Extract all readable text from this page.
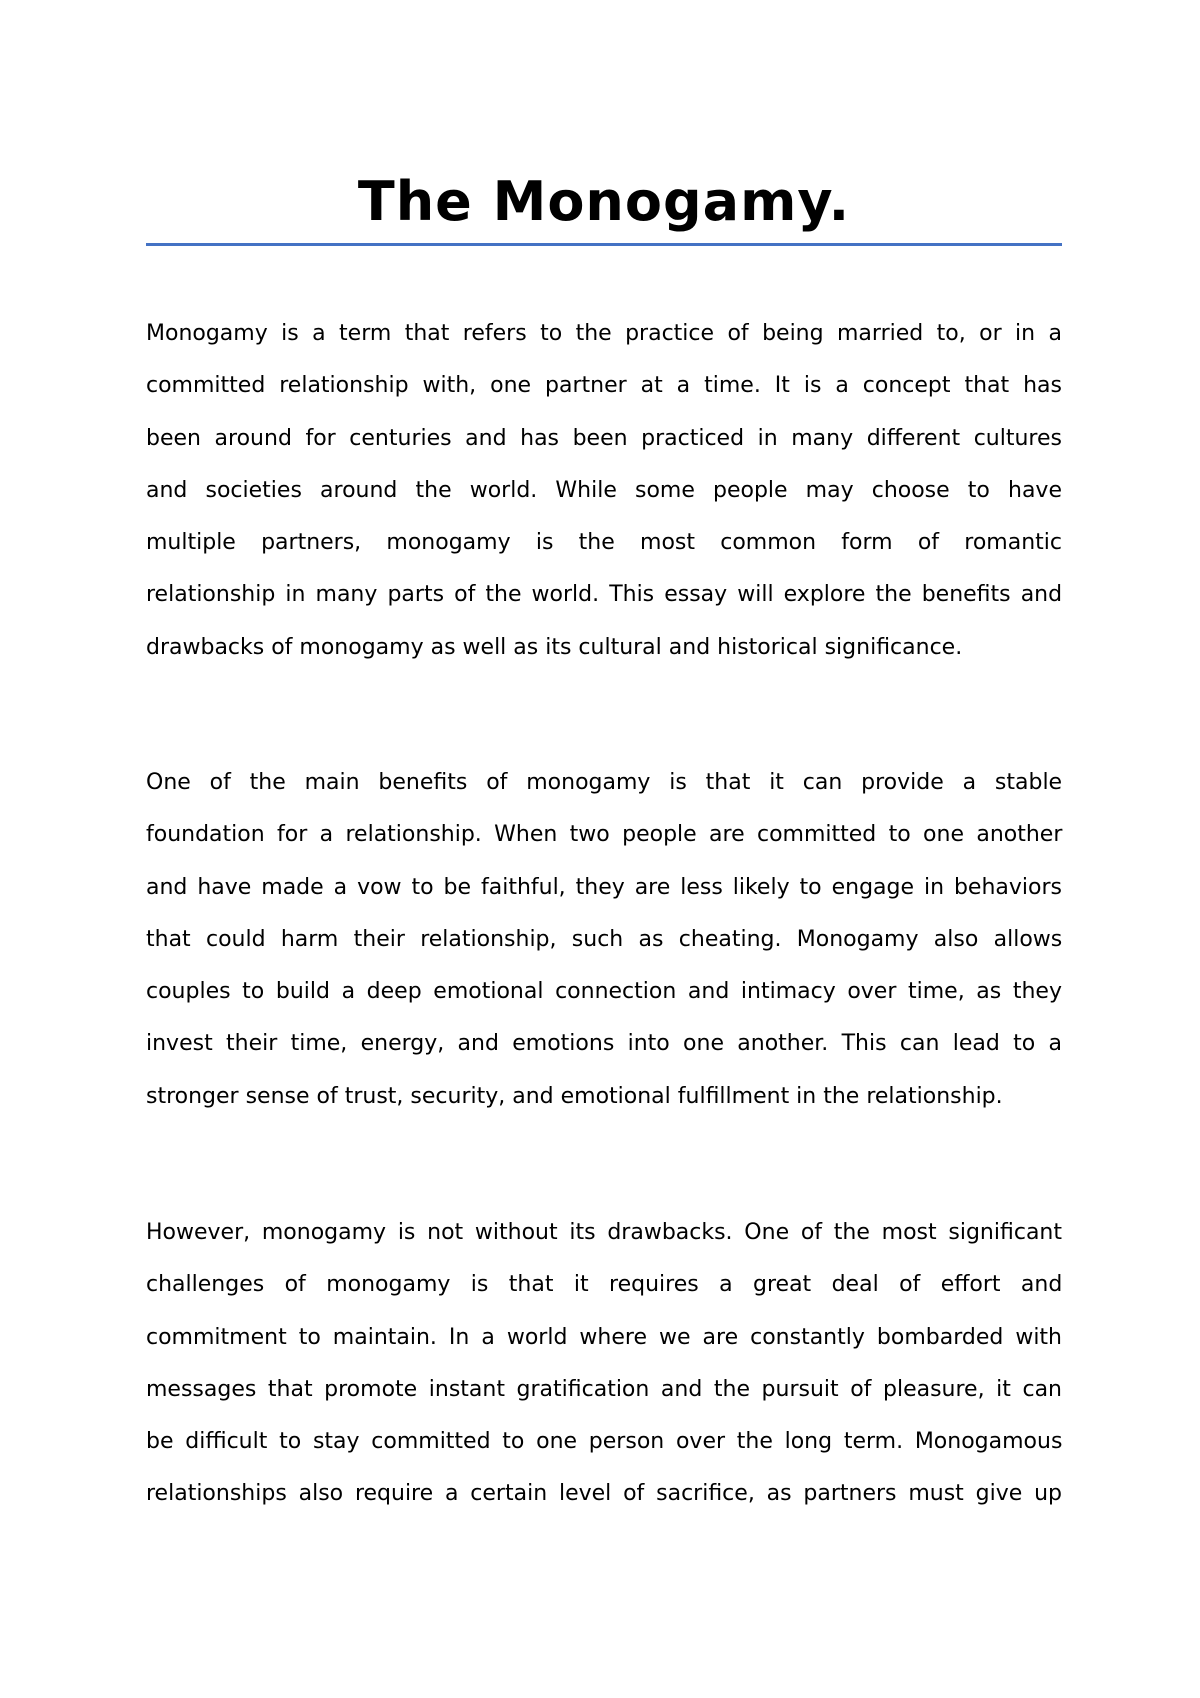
The Monogamy.
Monogamy is a term that refers to the practice of being married to, or in a
committed relationship with, one partner at a time. It is a concept that has
been around for centuries and has been practiced in many different cultures
and societies around the world. While some people may choose to have
multiple partners, monogamy is the most common form of romantic
relationship in many parts of the world. This essay will explore the benefits and
drawbacks of monogamy as well as its cultural and historical significance.
One of the main benefits of monogamy is that it can provide a stable
foundation for a relationship. When two people are committed to one another
and have made a vow to be faithful, they are less likely to engage in behaviors
that could harm their relationship, such as cheating. Monogamy also allows
couples to build a deep emotional connection and intimacy over time, as they
invest their time, energy, and emotions into one another. This can lead to a
stronger sense of trust, security, and emotional fulfillment in the relationship.
However, monogamy is not without its drawbacks. One of the most significant
challenges of monogamy is that it requires a great deal of effort and
commitment to maintain. In a world where we are constantly bombarded with
messages that promote instant gratification and the pursuit of pleasure, it can
be difficult to stay committed to one person over the long term. Monogamous
relationships also require a certain level of sacrifice, as partners must give up
